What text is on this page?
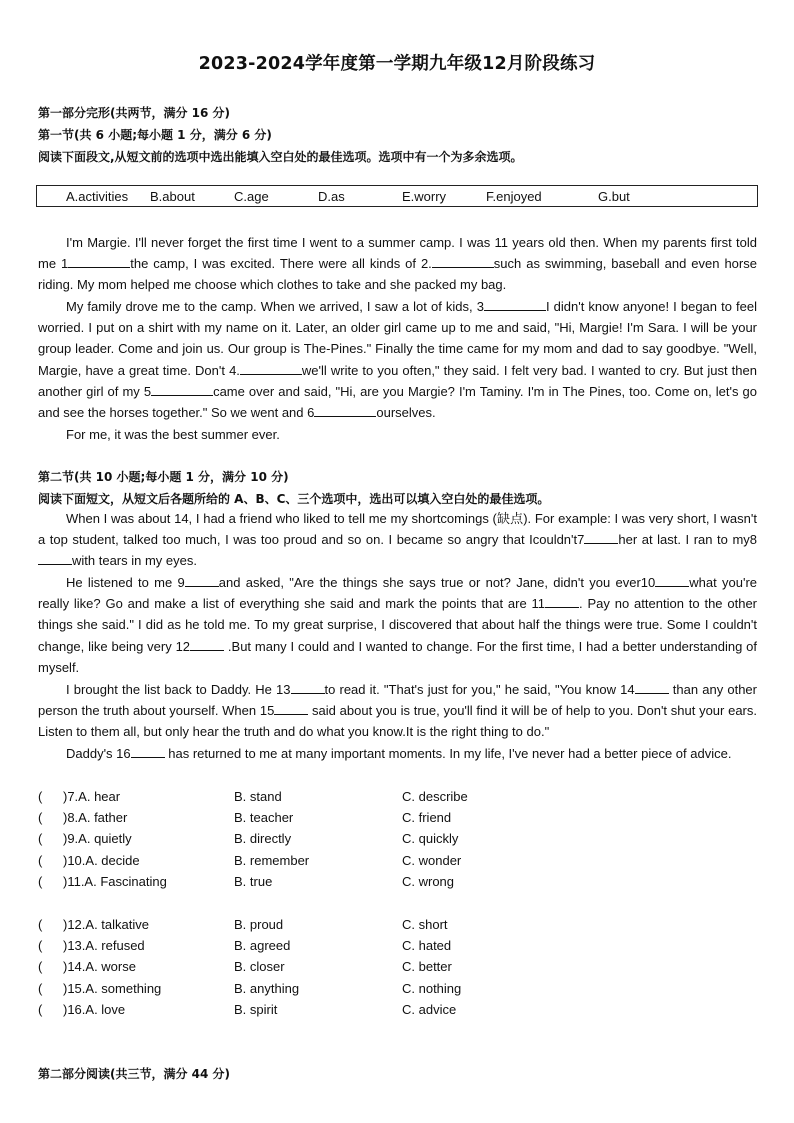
2023-2024学年度第一学期九年级12月阶段练习
第一部分完形(共两节，满分 16 分)
第一节(共 6 小题;每小题 1 分，满分 6 分)
阅读下面段文,从短文前的选项中选出能填入空白处的最佳选项。选项中有一个为多余选项。
A.activities B.about	C.age	D.as	E.worry	F.enjoyed	G.but

I'm Margie. I'll never forget the first time I went to a summer camp. I was 11 years old then. When my parents first told me 1	the camp, I was excited. There were all kinds of 2.	such as swimming, baseball and even horse riding. My mom helped me choose which clothes to take and she packed my bag.

My family drove me to the camp. When we arrived, I saw a lot of kids, 3	I didn't know anyone! I began to feel worried. I put on a shirt with my name on it. Later, an older girl came up to me and said, "Hi, Margie! I'm Sara. I will be your group leader. Come and join us. Our group is The-Pines." Finally the time came for my mom and dad to say goodbye. "Well, Margie, have a great time. Don't 4.	we'll write to you often," they said. I felt very bad. I wanted to cry. But just then another girl of my 5	came over and said, "Hi, are you Margie? I'm Taminy. I'm in The Pines, too. Come on, let's go and see the horses together." So we went and 6	ourselves.

For me, it was the best summer ever.

第二节(共 10 小题;每小题 1 分，满分 10 分)
阅读下面短文，从短文后各题所给的 A、B、C、三个选项中，选出可以填入空白处的最佳选项。

When I was about 14, I had a friend who liked to tell me my shortcomings (缺点). For example: I was very short, I wasn't a top student, talked too much, I was too proud and so on. I became so angry that Icouldn't7	her at last. I ran to my8with tears in my eyes.

He listened to me 9	and asked, "Are the things she says true or not? Jane, didn't you ever10	what you're really like? Go and make a list of everything she said and mark the points that are 11	. Pay no attention to the other things she said." I did as he told me. To my great surprise, I discovered that about half the things were true. Some I couldn't change, like being very 12	.But many I could and I wanted to change. For the first time, I had a better understanding of myself.

I brought the list back to Daddy. He 13	to read it. "That's just for you," he said, "You know 14	than any other person the truth about yourself. When 15	said about you is true, you'll find it will be of help to you. Don't shut your ears. Listen to them all, but only hear the truth and do what you know.It is the right thing to do."

Daddy's 16	has returned to me at many important moments. In my life, I've never had a better piece of advice.

( )7.A. hear	B. stand	C. describe
( )8.A. father	B. teacher	C. friend
( )9.A. quietly	B. directly	C. quickly
( )10.A. decide	B. remember	C. wonder
( )11.A. Fascinating	B. true	C. wrong
( )12.A. talkative	B. proud	C. short
( )13.A. refused	B. agreed	C. hated
( )14.A. worse	B. closer	C. better
( )15.A. something	B. anything	C. nothing
( )16.A. love	B. spirit	C. advice
第二部分阅读(共三节，满分 44 分)
